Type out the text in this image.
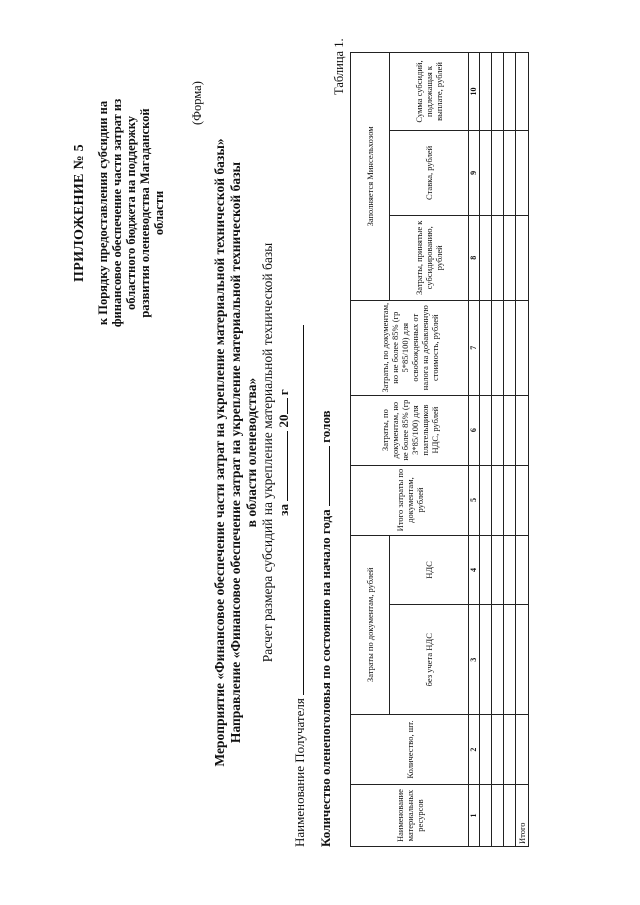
ПРИЛОЖЕНИЕ № 5 к Порядку предоставления субсидии на финансовое обеспечение части затрат из областного бюджета на поддержку развития оленеводства Магаданской области
(Форма)
Мероприятие «Финансовое обеспечение части затрат на укрепление материальной технической базы» Направление «Финансовое обеспечение затрат на укрепление материальной технической базы в области оленеводства» Расчет размера субсидий на укрепление материальной технической базы за  20 г
Наименование Получателя Количество оленепоголовья по состоянию на начало года  голов
Таблица 1.
Наименование материальных ресурсов	Количество, шт.	Затраты по документам, рублей		Итого затраты по документам, рублей	Затраты, по документам, но не более 85% (гр 3*85/100) для плательщиков НДС, рублей	Затраты, по документам, но не более 85% (гр 5*85/100) для освобожденных от налога на добавленную стоимость, рублей	Заполняется Минсельхозом		
		без учета НДС	НДС				Затраты, принятые к субсидированию, рублей	Ставка, рублей	Сумма субсидий, подлежащая к выплате, рублей
1	2	3	4	5	6	7	8	9	10

Итого									
